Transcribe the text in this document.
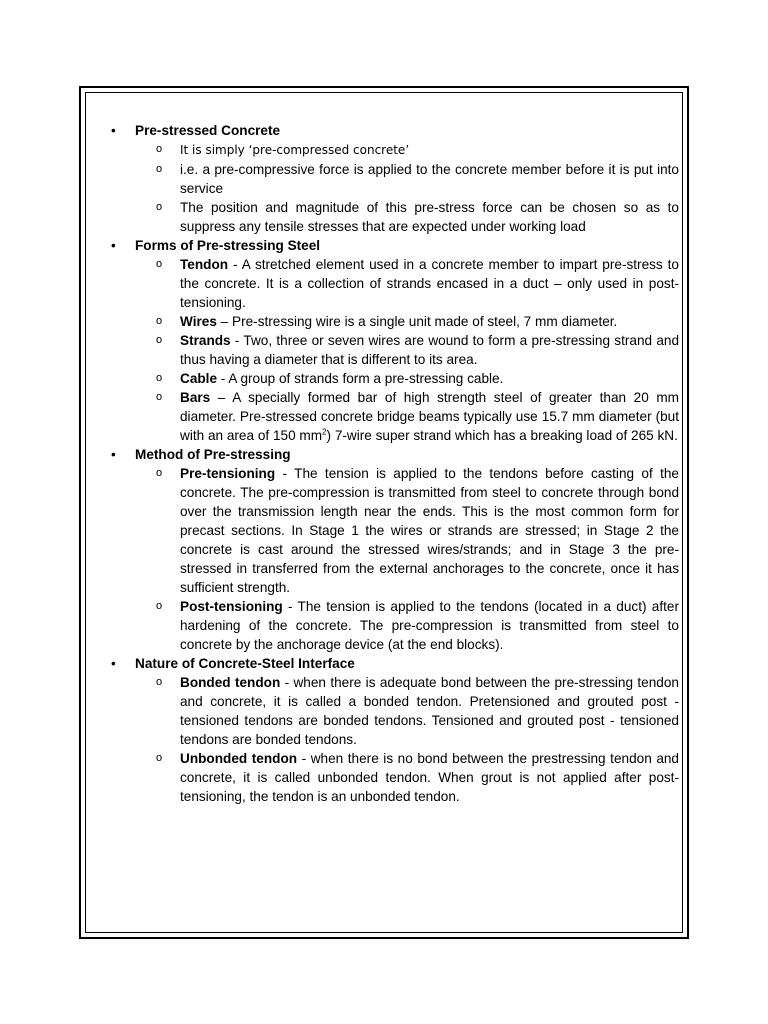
• Pre-stressed Concrete
o It is simply ‘pre-compressed concrete’
o i.e. a pre-compressive force is applied to the concrete member before it is put into service
o The position and magnitude of this pre-stress force can be chosen so as to suppress any tensile stresses that are expected under working load
• Forms of Pre-stressing Steel
o Tendon - A stretched element used in a concrete member to impart pre-stress to the concrete. It is a collection of strands encased in a duct – only used in post-tensioning.
o Wires – Pre-stressing wire is a single unit made of steel, 7 mm diameter.
o Strands - Two, three or seven wires are wound to form a pre-stressing strand and thus having a diameter that is different to its area.
o Cable - A group of strands form a pre-stressing cable.
o Bars – A specially formed bar of high strength steel of greater than 20 mm diameter. Pre-stressed concrete bridge beams typically use 15.7 mm diameter (but with an area of 150 $mm^2$) 7-wire super strand which has a breaking load of 265 kN.
• Method of Pre-stressing
o Pre-tensioning - The tension is applied to the tendons before casting of the concrete. The pre-compression is transmitted from steel to concrete through bond over the transmission length near the ends. This is the most common form for precast sections. In Stage 1 the wires or strands are stressed; in Stage 2 the concrete is cast around the stressed wires/strands; and in Stage 3 the pre-stressed in transferred from the external anchorages to the concrete, once it has sufficient strength.
o Post-tensioning - The tension is applied to the tendons (located in a duct) after hardening of the concrete. The pre-compression is transmitted from steel to concrete by the anchorage device (at the end blocks).
• Nature of Concrete-Steel Interface
o Bonded tendon - when there is adequate bond between the pre-stressing tendon and concrete, it is called a bonded tendon. Pretensioned and grouted post -tensioned tendons are bonded tendons. Tensioned and grouted post - tensioned tendons are bonded tendons.
o Unbonded tendon - when there is no bond between the prestressing tendon and concrete, it is called unbonded tendon. When grout is not applied after post-tensioning, the tendon is an unbonded tendon.
